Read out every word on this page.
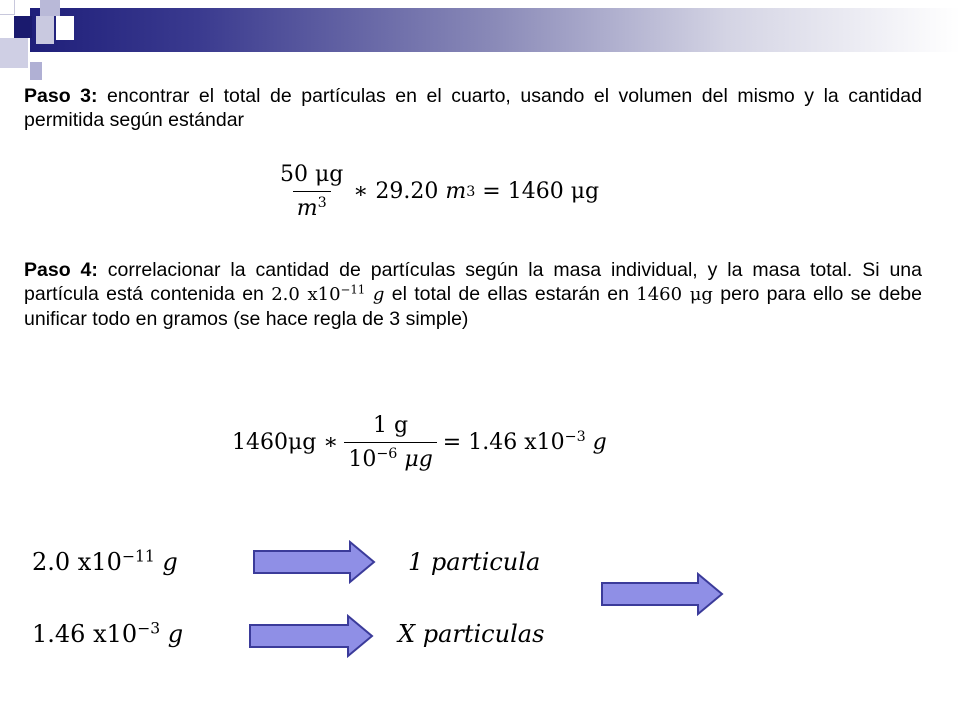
Paso 3: encontrar el total de partículas en el cuarto, usando el volumen del mismo y la cantidad permitida según estándar
$\frac{50 \mu g}{m^3}$ ∗
29.20
m 3
=
1460 μg
Paso 4: correlacionar la cantidad de partículas según la masa individual, y la masa total. Si una partícula está contenida en 2.0 $x10^{-11}$ g el total de ellas estarán en 1460 μg pero para ello se debe unificar todo en gramos (se hace regla de 3 simple)
1460μg
∗ $\frac{1 g}{10^{-6} \mu g}$ =
1.46 $x10^{-3}$ g
2.0 $x10^{-11}$ g	1 particula
1.46 $x10^{-3}$ g	X particulas
